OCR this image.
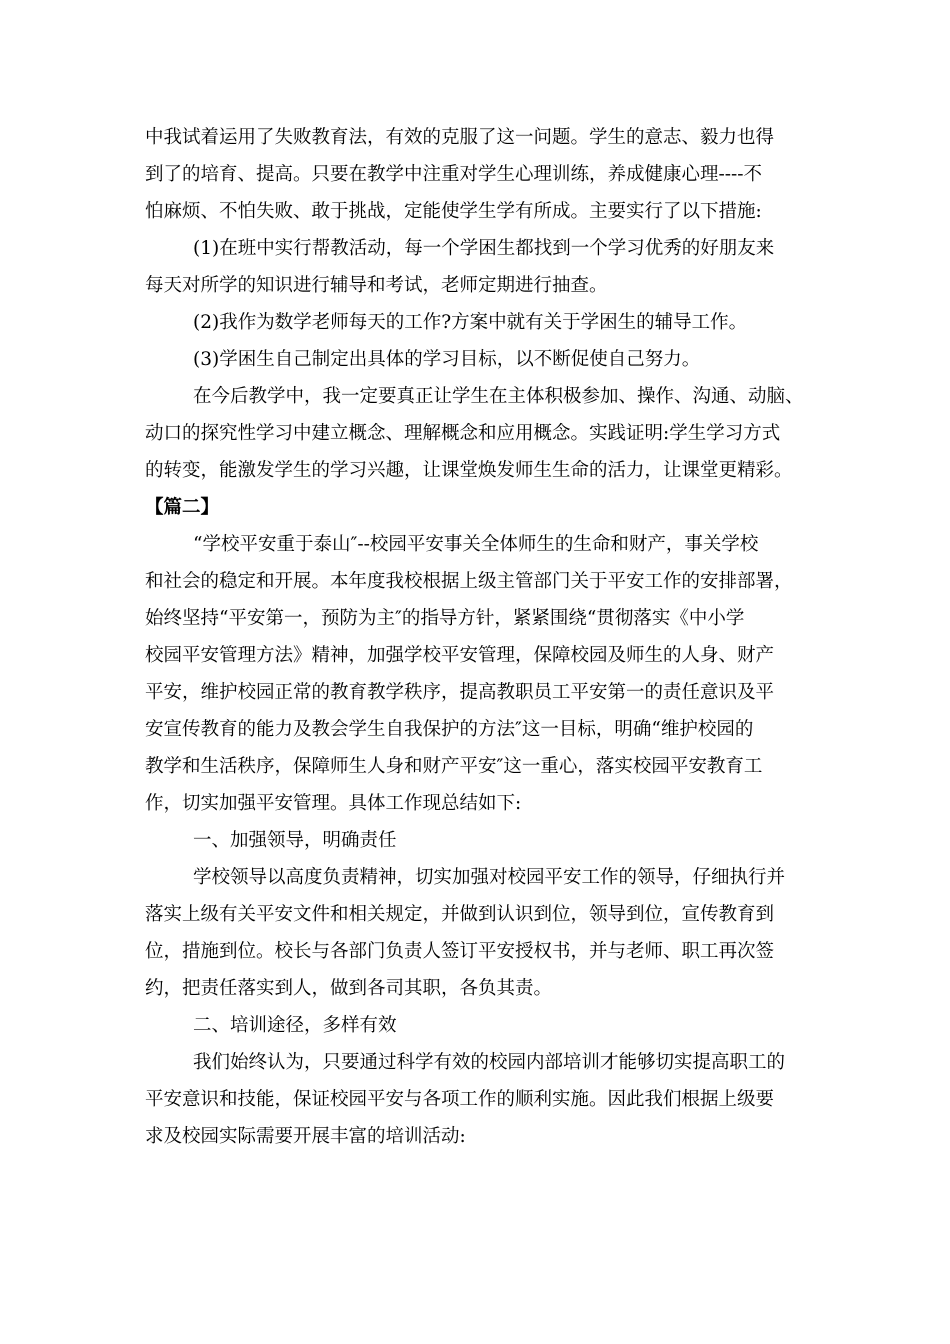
中我试着运用了失败教育法，有效的克服了这一问题。学生的意志、毅力也得
到了的培育、提高。只要在教学中注重对学生心理训练，养成健康心理----不
怕麻烦、不怕失败、敢于挑战，定能使学生学有所成。主要实行了以下措施:
(1)在班中实行帮教活动，每一个学困生都找到一个学习优秀的好朋友来
每天对所学的知识进行辅导和考试，老师定期进行抽查。
(2)我作为数学老师每天的工作?方案中就有关于学困生的辅导工作。
(3)学困生自己制定出具体的学习目标，以不断促使自己努力。
在今后教学中，我一定要真正让学生在主体积极参加、操作、沟通、动脑、
动口的探究性学习中建立概念、理解概念和应用概念。实践证明:学生学习方式
的转变，能激发学生的学习兴趣，让课堂焕发师生生命的活力，让课堂更精彩。
【篇二】
“学校平安重于泰山″--校园平安事关全体师生的生命和财产，事关学校
和社会的稳定和开展。本年度我校根据上级主管部门关于平安工作的安排部署，
始终坚持“平安第一，预防为主″的指导方针，紧紧围绕“贯彻落实《中小学
校园平安管理方法》精神，加强学校平安管理，保障校园及师生的人身、财产
平安，维护校园正常的教育教学秩序，提高教职员工平安第一的责任意识及平
安宣传教育的能力及教会学生自我保护的方法″这一目标，明确“维护校园的
教学和生活秩序，保障师生人身和财产平安″这一重心，落实校园平安教育工
作，切实加强平安管理。具体工作现总结如下:
一、加强领导，明确责任
学校领导以高度负责精神，切实加强对校园平安工作的领导，仔细执行并
落实上级有关平安文件和相关规定，并做到认识到位，领导到位，宣传教育到
位，措施到位。校长与各部门负责人签订平安授权书，并与老师、职工再次签
约，把责任落实到人，做到各司其职，各负其责。
二、培训途径，多样有效
我们始终认为，只要通过科学有效的校园内部培训才能够切实提高职工的
平安意识和技能，保证校园平安与各项工作的顺利实施。因此我们根据上级要
求及校园实际需要开展丰富的培训活动:
